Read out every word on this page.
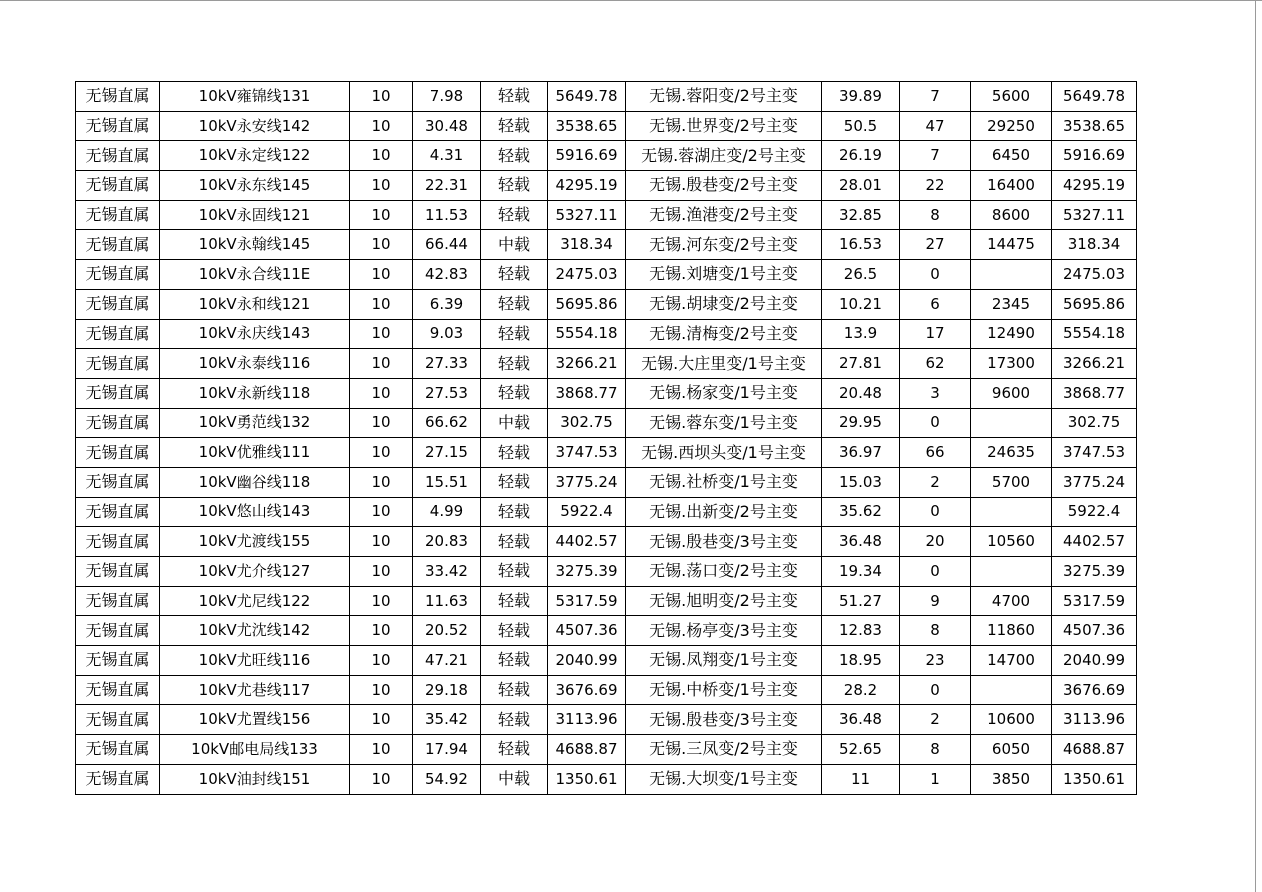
无锡直属	10kV雍锦线131	10	7.98	轻载	5649.78	无锡.蓉阳变/2号主变	39.89	7	5600	5649.78
无锡直属	10kV永安线142	10	30.48	轻载	3538.65	无锡.世界变/2号主变	50.5	47	29250	3538.65
无锡直属	10kV永定线122	10	4.31	轻载	5916.69	无锡.蓉湖庄变/2号主变	26.19	7	6450	5916.69
无锡直属	10kV永东线145	10	22.31	轻载	4295.19	无锡.殷巷变/2号主变	28.01	22	16400	4295.19
无锡直属	10kV永固线121	10	11.53	轻载	5327.11	无锡.渔港变/2号主变	32.85	8	8600	5327.11
无锡直属	10kV永翰线145	10	66.44	中载	318.34	无锡.河东变/2号主变	16.53	27	14475	318.34
无锡直属	10kV永合线11E	10	42.83	轻载	2475.03	无锡.刘塘变/1号主变	26.5	0		2475.03
无锡直属	10kV永和线121	10	6.39	轻载	5695.86	无锡.胡埭变/2号主变	10.21	6	2345	5695.86
无锡直属	10kV永庆线143	10	9.03	轻载	5554.18	无锡.清梅变/2号主变	13.9	17	12490	5554.18
无锡直属	10kV永泰线116	10	27.33	轻载	3266.21	无锡.大庄里变/1号主变	27.81	62	17300	3266.21
无锡直属	10kV永新线118	10	27.53	轻载	3868.77	无锡.杨家变/1号主变	20.48	3	9600	3868.77
无锡直属	10kV勇范线132	10	66.62	中载	302.75	无锡.蓉东变/1号主变	29.95	0		302.75
无锡直属	10kV优雅线111	10	27.15	轻载	3747.53	无锡.西坝头变/1号主变	36.97	66	24635	3747.53
无锡直属	10kV幽谷线118	10	15.51	轻载	3775.24	无锡.社桥变/1号主变	15.03	2	5700	3775.24
无锡直属	10kV悠山线143	10	4.99	轻载	5922.4	无锡.出新变/2号主变	35.62	0		5922.4
无锡直属	10kV尤渡线155	10	20.83	轻载	4402.57	无锡.殷巷变/3号主变	36.48	20	10560	4402.57
无锡直属	10kV尤介线127	10	33.42	轻载	3275.39	无锡.荡口变/2号主变	19.34	0		3275.39
无锡直属	10kV尤尼线122	10	11.63	轻载	5317.59	无锡.旭明变/2号主变	51.27	9	4700	5317.59
无锡直属	10kV尤沈线142	10	20.52	轻载	4507.36	无锡.杨亭变/3号主变	12.83	8	11860	4507.36
无锡直属	10kV尤旺线116	10	47.21	轻载	2040.99	无锡.凤翔变/1号主变	18.95	23	14700	2040.99
无锡直属	10kV尤巷线117	10	29.18	轻载	3676.69	无锡.中桥变/1号主变	28.2	0		3676.69
无锡直属	10kV尤置线156	10	35.42	轻载	3113.96	无锡.殷巷变/3号主变	36.48	2	10600	3113.96
无锡直属	10kV邮电局线133	10	17.94	轻载	4688.87	无锡.三凤变/2号主变	52.65	8	6050	4688.87
无锡直属	10kV油封线151	10	54.92	中载	1350.61	无锡.大坝变/1号主变	11	1	3850	1350.61
